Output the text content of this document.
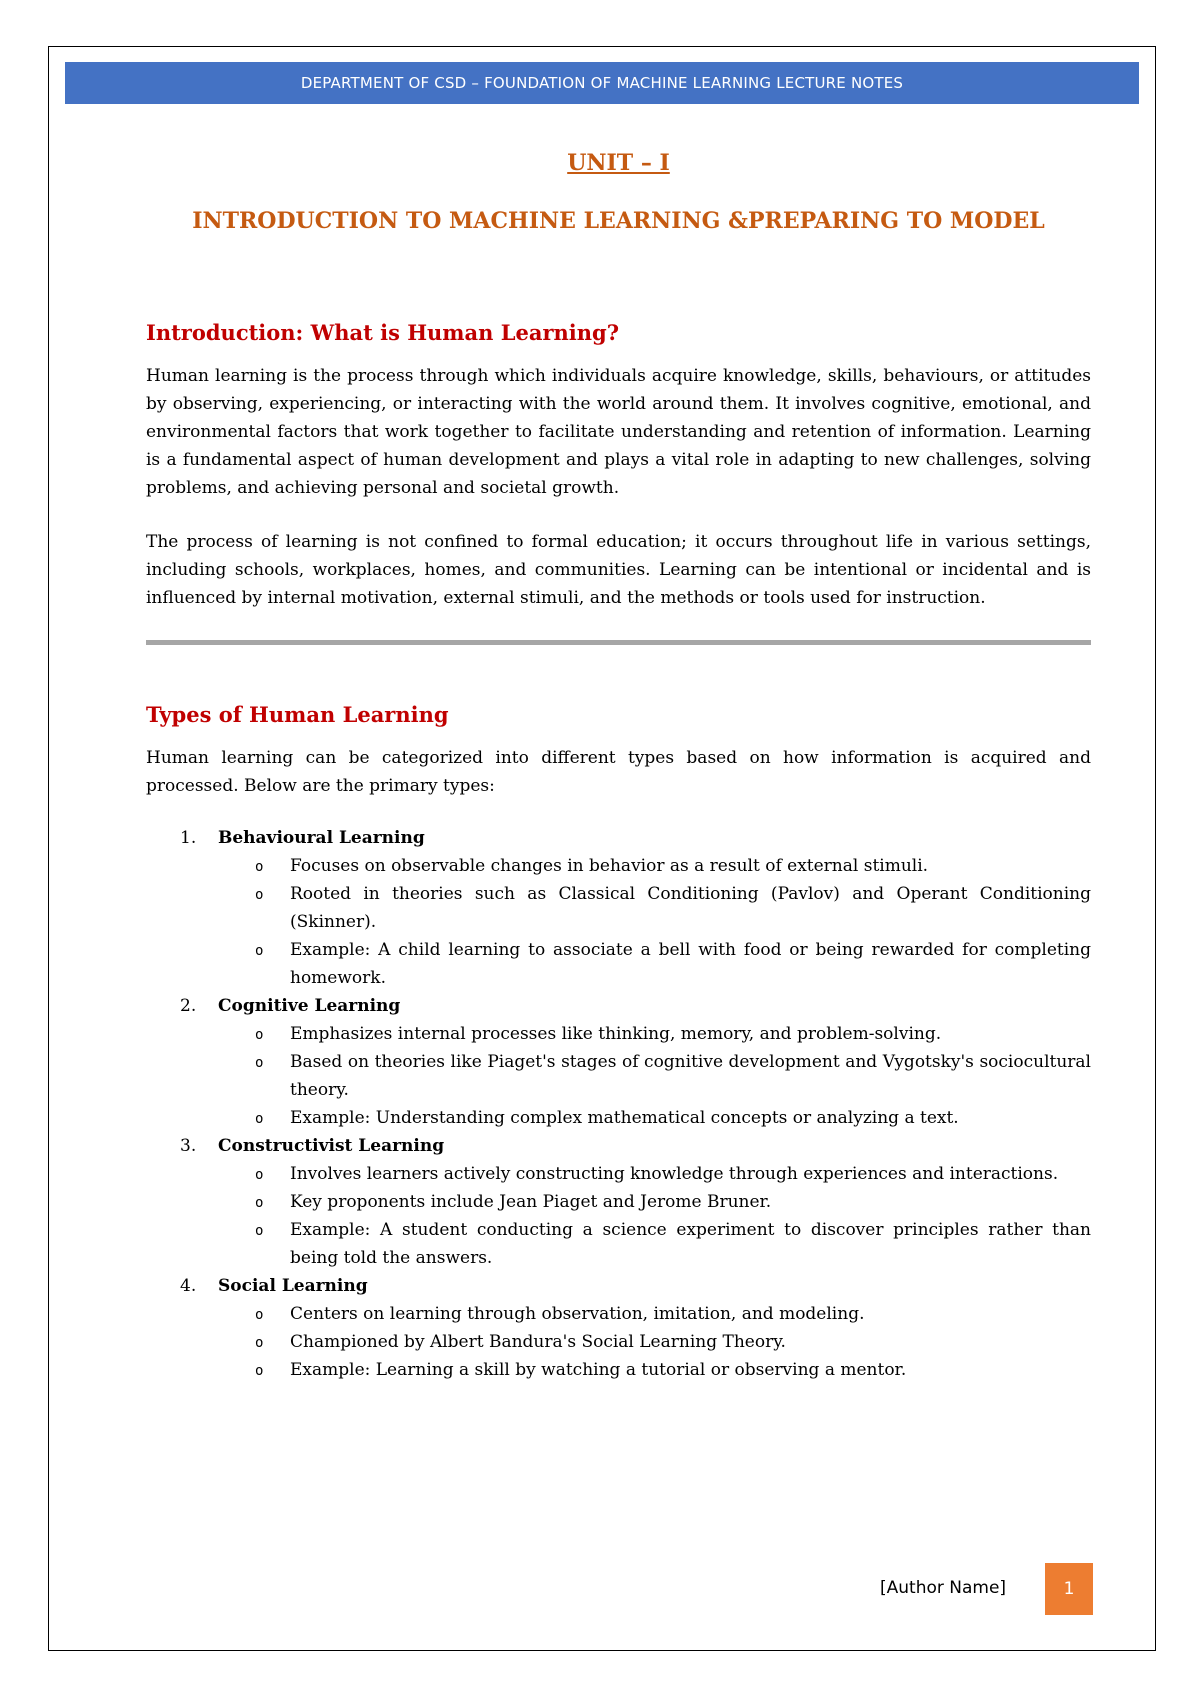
DEPARTMENT OF CSD – FOUNDATION OF MACHINE LEARNING LECTURE NOTES
UNIT – I
INTRODUCTION TO MACHINE LEARNING &PREPARING TO MODEL
Introduction: What is Human Learning?

Human learning is the process through which individuals acquire knowledge, skills, behaviours, or attitudes by observing, experiencing, or interacting with the world around them. It involves cognitive, emotional, and environmental factors that work together to facilitate understanding and retention of information. Learning is a fundamental aspect of human development and plays a vital role in adapting to new challenges, solving problems, and achieving personal and societal growth.

The process of learning is not confined to formal education; it occurs throughout life in various settings, including schools, workplaces, homes, and communities. Learning can be intentional or incidental and is influenced by internal motivation, external stimuli, and the methods or tools used for instruction.

Types of Human Learning

Human learning can be categorized into different types based on how information is acquired and processed. Below are the primary types:

1. Behavioural Learning
o Focuses on observable changes in behavior as a result of external stimuli.
o Rooted in theories such as Classical Conditioning (Pavlov) and Operant Conditioning (Skinner).
o Example: A child learning to associate a bell with food or being rewarded for completing homework.
2. Cognitive Learning
o Emphasizes internal processes like thinking, memory, and problem-solving.
o Based on theories like Piaget's stages of cognitive development and Vygotsky's sociocultural theory.
o Example: Understanding complex mathematical concepts or analyzing a text.
3. Constructivist Learning
o Involves learners actively constructing knowledge through experiences and interactions.
o Key proponents include Jean Piaget and Jerome Bruner.
o Example: A student conducting a science experiment to discover principles rather than being told the answers.
4. Social Learning
o Centers on learning through observation, imitation, and modeling.
o Championed by Albert Bandura's Social Learning Theory.
o Example: Learning a skill by watching a tutorial or observing a mentor.
[Author Name]	1
